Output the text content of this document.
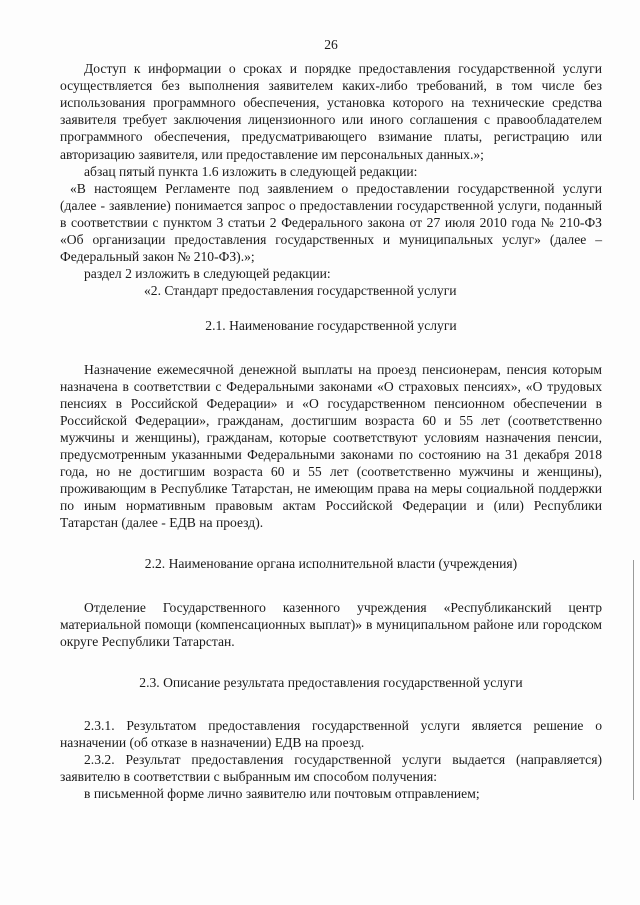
26

Доступ к информации о сроках и порядке предоставления государственной услуги осуществляется без выполнения заявителем каких-либо требований, в том числе без использования программного обеспечения, установка которого на технические средства заявителя требует заключения лицензионного или иного соглашения с правообладателем программного обеспечения, предусматривающего взимание платы, регистрацию или авторизацию заявителя, или предоставление им персональных данных.»;

абзац пятый пункта 1.6 изложить в следующей редакции:

«В настоящем Регламенте под заявлением о предоставлении государственной услуги (далее - заявление) понимается запрос о предоставлении государственной услуги, поданный в соответствии с пунктом 3 статьи 2 Федерального закона от 27 июля 2010 года № 210-ФЗ «Об организации предоставления государственных и муниципальных услуг» (далее – Федеральный закон № 210-ФЗ).»;

раздел 2 изложить в следующей редакции:

«2. Стандарт предоставления государственной услуги

2.1. Наименование государственной услуги

Назначение ежемесячной денежной выплаты на проезд пенсионерам, пенсия которым назначена в соответствии с Федеральными законами «О страховых пенсиях», «О трудовых пенсиях в Российской Федерации» и «О государственном пенсионном обеспечении в Российской Федерации», гражданам, достигшим возраста 60 и 55 лет (соответственно мужчины и женщины), гражданам, которые соответствуют условиям назначения пенсии, предусмотренным указанными Федеральными законами по состоянию на 31 декабря 2018 года, но не достигшим возраста 60 и 55 лет (соответственно мужчины и женщины), проживающим в Республике Татарстан, не имеющим права на меры социальной поддержки по иным нормативным правовым актам Российской Федерации и (или) Республики Татарстан (далее - ЕДВ на проезд).

2.2. Наименование органа исполнительной власти (учреждения)

Отделение Государственного казенного учреждения «Республиканский центр материальной помощи (компенсационных выплат)» в муниципальном районе или городском округе Республики Татарстан.

2.3. Описание результата предоставления государственной услуги

2.3.1. Результатом предоставления государственной услуги является решение о назначении (об отказе в назначении) ЕДВ на проезд.

2.3.2. Результат предоставления государственной услуги выдается (направляется) заявителю в соответствии с выбранным им способом получения:

в письменной форме лично заявителю или почтовым отправлением;
